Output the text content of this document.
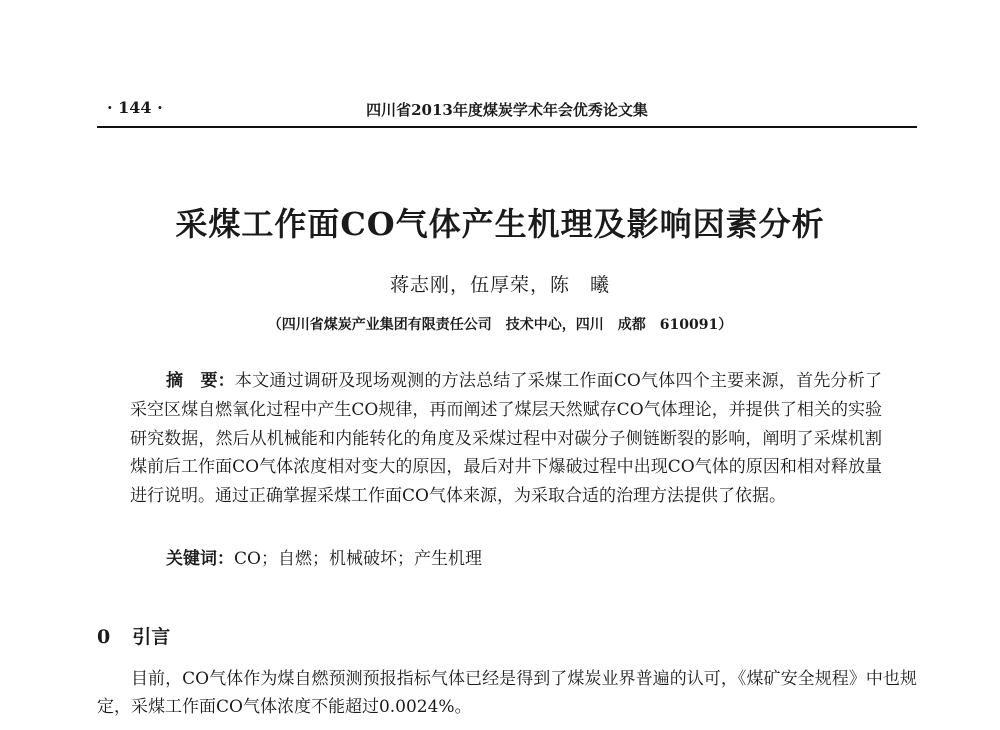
· 144 ·	四川省2013年度煤炭学术年会优秀论文集
采煤工作面CO气体产生机理及影响因素分析
蒋志刚，伍厚荣，陈　曦
（四川省煤炭产业集团有限责任公司　技术中心，四川　成都　610091）

摘　要：本文通过调研及现场观测的方法总结了采煤工作面CO气体四个主要来源，首先分析了采空区煤自燃氧化过程中产生CO规律，再而阐述了煤层天然赋存CO气体理论，并提供了相关的实验研究数据，然后从机械能和内能转化的角度及采煤过程中对碳分子侧链断裂的影响，阐明了采煤机割煤前后工作面CO气体浓度相对变大的原因，最后对井下爆破过程中出现CO气体的原因和相对释放量进行说明。通过正确掌握采煤工作面CO气体来源，为采取合适的治理方法提供了依据。

关键词：CO；自燃；机械破坏；产生机理
0 引言

目前，CO气体作为煤自燃预测预报指标气体已经是得到了煤炭业界普遍的认可，《煤矿安全规程》中也规定，采煤工作面CO气体浓度不能超过0.0024%。
